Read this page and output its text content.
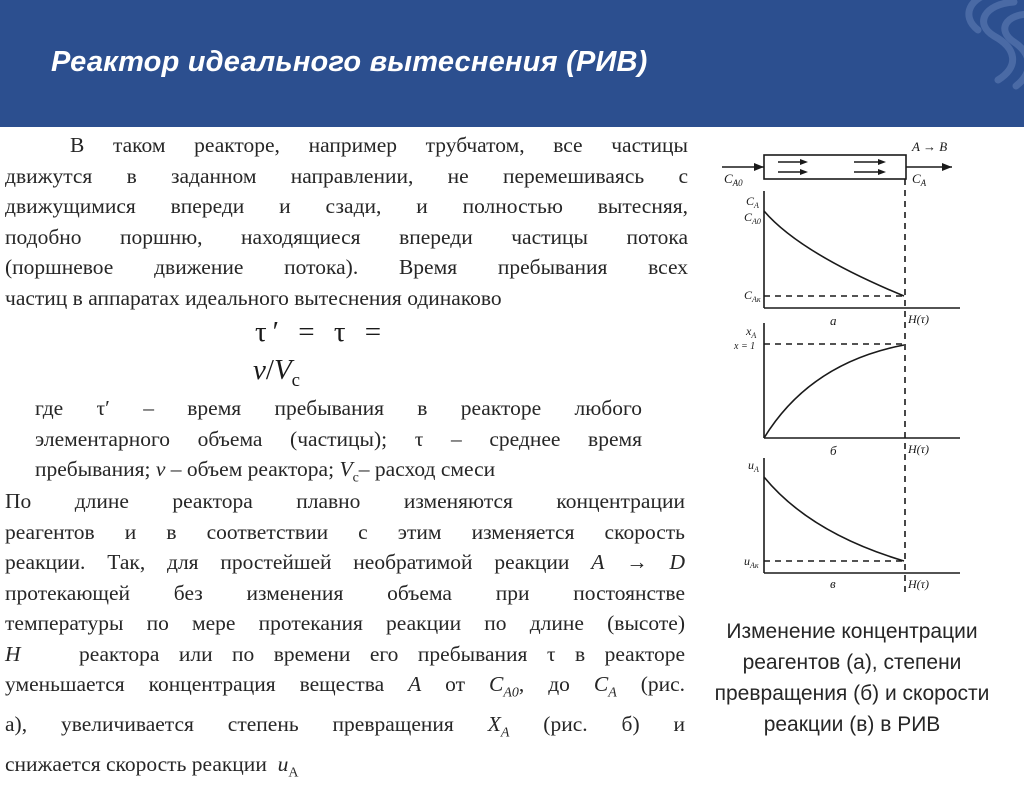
Реактор идеального вытеснения (РИВ)

В таком реакторе, например трубчатом, все частицы
движутся в заданном направлении, не перемешиваясь с
движущимися впереди и сзади, и полностью вытесняя,
подобно поршню, находящиеся впереди частицы потока
(поршневое движение потока). Время пребывания всех
частиц в аппаратах идеального вытеснения одинаково

τ′ = τ =
$v/V_c$

где τ′ – время пребывания в реакторе любого
элементарного объема (частицы); τ – среднее время
пребывания; v – объем реактора; $V_c-$ расход смеси

По длине реактора плавно изменяются концентрации
реагентов и в соответствии с этим изменяется скорость
реакции. Так, для простейшей необратимой реакции A → D
протекающей без изменения объема при постоянстве
температуры по мере протекания реакции по длине (высоте)
H	реактора или по времени его пребывания τ в реакторе
уменьшается концентрация вещества A от $C_{A0}$, до $C_A$ (рис.
а), увеличивается степень превращения $X_A$ (рис. б) и
снижается скорость реакции $u_A$

A → B
$C_{A0}$	$C_A$
$C_A$
$C_{A0}$
$C_{Aк}$
H(τ)
а
$x_A$
x = 1
H(τ)
б
$u_A$
$u_{Aк}$
H(τ)
в
Изменение концентрации
реагентов (а), степени
превращения (б) и скорости
реакции (в) в РИВ
